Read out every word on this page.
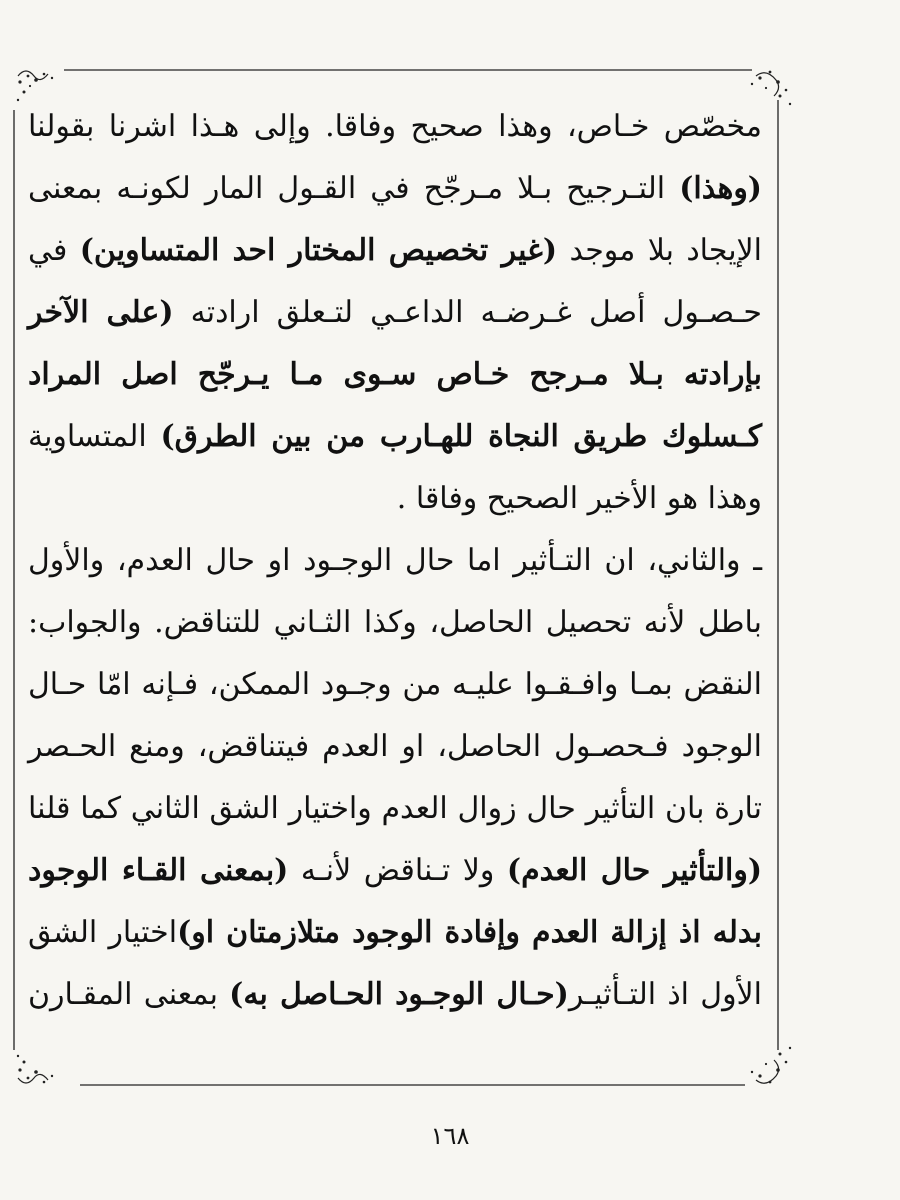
مخصّص خـاص، وهذا صحيح وفاقا. وإلى هـذا اشرنا بقولنا
(وهذا) التـرجيح بـلا مـرجّح في القـول المار لكونـه بمعنى
الإيجاد بلا موجد (غير تخصيص المختار احد المتساوين) في
حـصـول أصل غـرضـه الداعـي لتـعلق ارادته (على الآخر
بإرادته بـلا مـرجح خـاص سـوى مـا يـرجّح اصل المراد
كـسلوك طريق النجاة للهـارب من بين الطرق) المتساوية
وهذا هو الأخير الصحيح وفاقا .
ـ والثاني، ان التـأثير اما حال الوجـود او حال العدم، والأول
باطل لأنه تحصيل الحاصل، وكذا الثـاني للتناقض. والجواب:
النقض بمـا وافـقـوا عليـه من وجـود الممكن، فـإنه امّا حـال
الوجود فـحصـول الحاصل، او العدم فيتناقض، ومنع الحـصر
تارة بان التأثير حال زوال العدم واختيار الشق الثاني كما قلنا
(والتأثير حال العدم) ولا تـناقض لأنـه (بمعنى القـاء الوجود
بدله اذ إزالة العدم وإفادة الوجود متلازمتان او)اختيار الشق
الأول اذ التـأثيـر(حـال الوجـود الحـاصل به) بمعنى المقـارن
١٦٨
